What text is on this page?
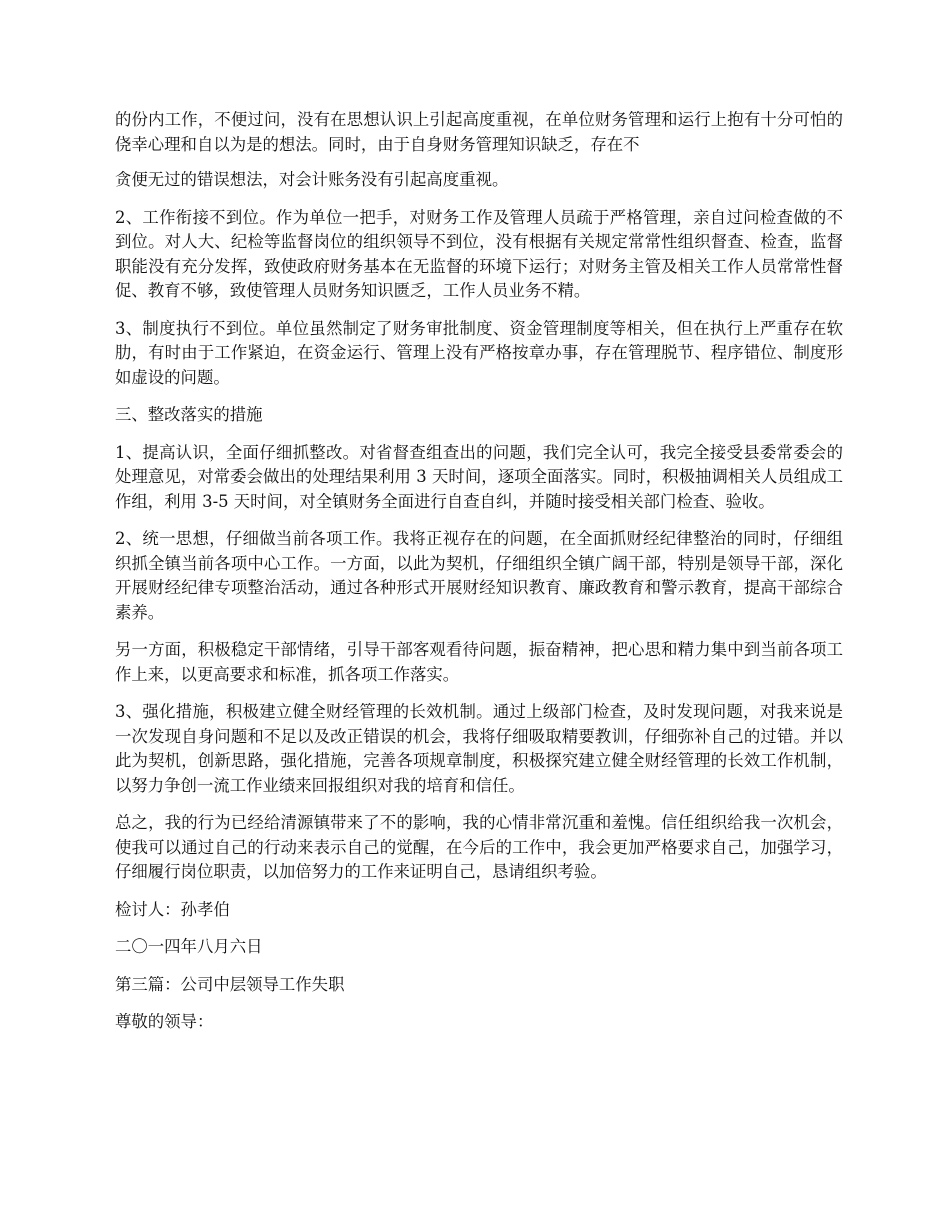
的份内工作，不便过问，没有在思想认识上引起高度重视，在单位财务管理和运行上抱有十分可怕的侥幸心理和自以为是的想法。同时，由于自身财务管理知识缺乏，存在不

贪便无过的错误想法，对会计账务没有引起高度重视。

2、工作衔接不到位。作为单位一把手，对财务工作及管理人员疏于严格管理，亲自过问检查做的不到位。对人大、纪检等监督岗位的组织领导不到位，没有根据有关规定常常性组织督查、检查，监督职能没有充分发挥，致使政府财务基本在无监督的环境下运行；对财务主管及相关工作人员常常性督促、教育不够，致使管理人员财务知识匮乏，工作人员业务不精。

3、制度执行不到位。单位虽然制定了财务审批制度、资金管理制度等相关，但在执行上严重存在软肋，有时由于工作紧迫，在资金运行、管理上没有严格按章办事，存在管理脱节、程序错位、制度形如虚设的问题。

三、整改落实的措施

1、提高认识，全面仔细抓整改。对省督查组查出的问题，我们完全认可，我完全接受县委常委会的处理意见，对常委会做出的处理结果利用 3 天时间，逐项全面落实。同时，积极抽调相关人员组成工作组，利用 3-5 天时间，对全镇财务全面进行自查自纠，并随时接受相关部门检查、验收。

2、统一思想，仔细做当前各项工作。我将正视存在的问题，在全面抓财经纪律整治的同时，仔细组织抓全镇当前各项中心工作。一方面，以此为契机，仔细组织全镇广阔干部，特别是领导干部，深化开展财经纪律专项整治活动，通过各种形式开展财经知识教育、廉政教育和警示教育，提高干部综合素养。

另一方面，积极稳定干部情绪，引导干部客观看待问题，振奋精神，把心思和精力集中到当前各项工作上来，以更高要求和标准，抓各项工作落实。

3、强化措施，积极建立健全财经管理的长效机制。通过上级部门检查，及时发现问题，对我来说是一次发现自身问题和不足以及改正错误的机会，我将仔细吸取精要教训，仔细弥补自己的过错。并以此为契机，创新思路，强化措施，完善各项规章制度，积极探究建立健全财经管理的长效工作机制，以努力争创一流工作业绩来回报组织对我的培育和信任。

总之，我的行为已经给清源镇带来了不的影响，我的心情非常沉重和羞愧。信任组织给我一次机会，使我可以通过自己的行动来表示自己的觉醒，在今后的工作中，我会更加严格要求自己，加强学习，仔细履行岗位职责，以加倍努力的工作来证明自己，恳请组织考验。

检讨人：孙孝伯

二〇一四年八月六日

第三篇：公司中层领导工作失职

尊敬的领导：
